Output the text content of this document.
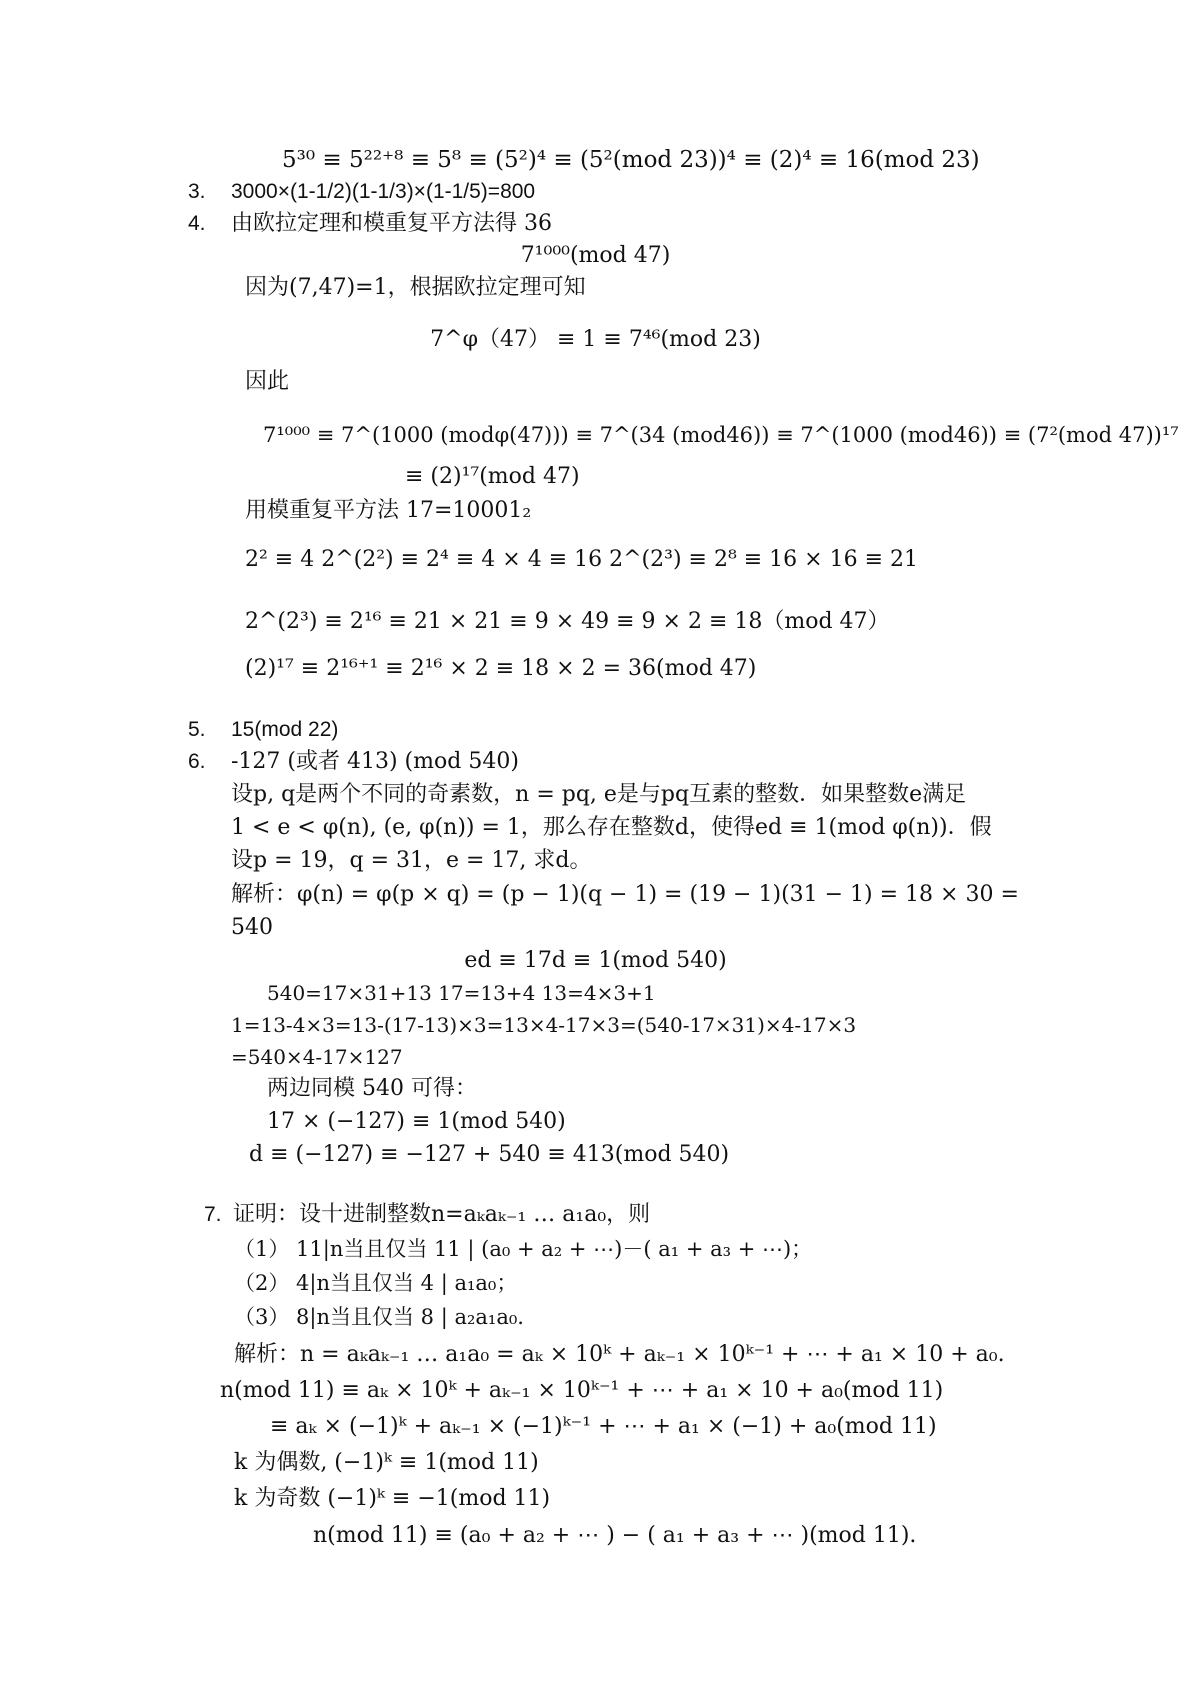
5³⁰ ≡ 5²²⁺⁸ ≡ 5⁸ ≡ (5²)⁴ ≡ (5²(mod 23))⁴ ≡ (2)⁴ ≡ 16(mod 23)
3. 3000×(1-1/2)(1-1/3)×(1-1/5)=800
4. 由欧拉定理和模重复平方法得 36
7¹⁰⁰⁰(mod 47)
因为(7,47)=1，根据欧拉定理可知
7^φ（47） ≡ 1 ≡ 7⁴⁶(mod 23)
因此
7¹⁰⁰⁰ ≡ 7^(1000 (modφ(47))) ≡ 7^(34 (mod46)) ≡ 7^(1000 (mod46)) ≡ (7²(mod 47))¹⁷
≡ (2)¹⁷(mod 47)
用模重复平方法 17=10001₂
2² ≡ 4 2^(2²) ≡ 2⁴ ≡ 4 × 4 ≡ 16 2^(2³) ≡ 2⁸ ≡ 16 × 16 ≡ 21
2^(2³) ≡ 2¹⁶ ≡ 21 × 21 ≡ 9 × 49 ≡ 9 × 2 ≡ 18（mod 47）
(2)¹⁷ ≡ 2¹⁶⁺¹ ≡ 2¹⁶ × 2 ≡ 18 × 2 = 36(mod 47)
5. 15(mod 22)
6. -127 (或者 413) (mod 540)
设p, q是两个不同的奇素数，n = pq, e是与pq互素的整数．如果整数e满足
1 < e < φ(n), (e, φ(n)) = 1，那么存在整数d，使得ed ≡ 1(mod φ(n))．假
设p = 19，q = 31，e = 17, 求d。
解析：φ(n) = φ(p × q) = (p − 1)(q − 1) = (19 − 1)(31 − 1) = 18 × 30 =
540
ed ≡ 17d ≡ 1(mod 540)
540=17×31+13 17=13+4 13=4×3+1
1=13-4×3=13-(17-13)×3=13×4-17×3=(540-17×31)×4-17×3
=540×4-17×127
两边同模 540 可得：
17 × (−127) ≡ 1(mod 540)
d ≡ (−127) ≡ −127 + 540 ≡ 413(mod 540)
7. 证明：设十进制整数n=aₖaₖ₋₁ … a₁a₀，则
（1） 11|n当且仅当 11 | (a₀ + a₂ + ⋯)－( a₁ + a₃ + ⋯)；
（2） 4|n当且仅当 4 | a₁a₀；
（3） 8|n当且仅当 8 | a₂a₁a₀.
解析：n = aₖaₖ₋₁ … a₁a₀ = aₖ × 10ᵏ + aₖ₋₁ × 10ᵏ⁻¹ + ⋯ + a₁ × 10 + a₀.
n(mod 11) ≡ aₖ × 10ᵏ + aₖ₋₁ × 10ᵏ⁻¹ + ⋯ + a₁ × 10 + a₀(mod 11)
≡ aₖ × (−1)ᵏ + aₖ₋₁ × (−1)ᵏ⁻¹ + ⋯ + a₁ × (−1) + a₀(mod 11)
k 为偶数, (−1)ᵏ ≡ 1(mod 11)
k 为奇数 (−1)ᵏ ≡ −1(mod 11)
n(mod 11) ≡ (a₀ + a₂ + ⋯ ) − ( a₁ + a₃ + ⋯ )(mod 11).
